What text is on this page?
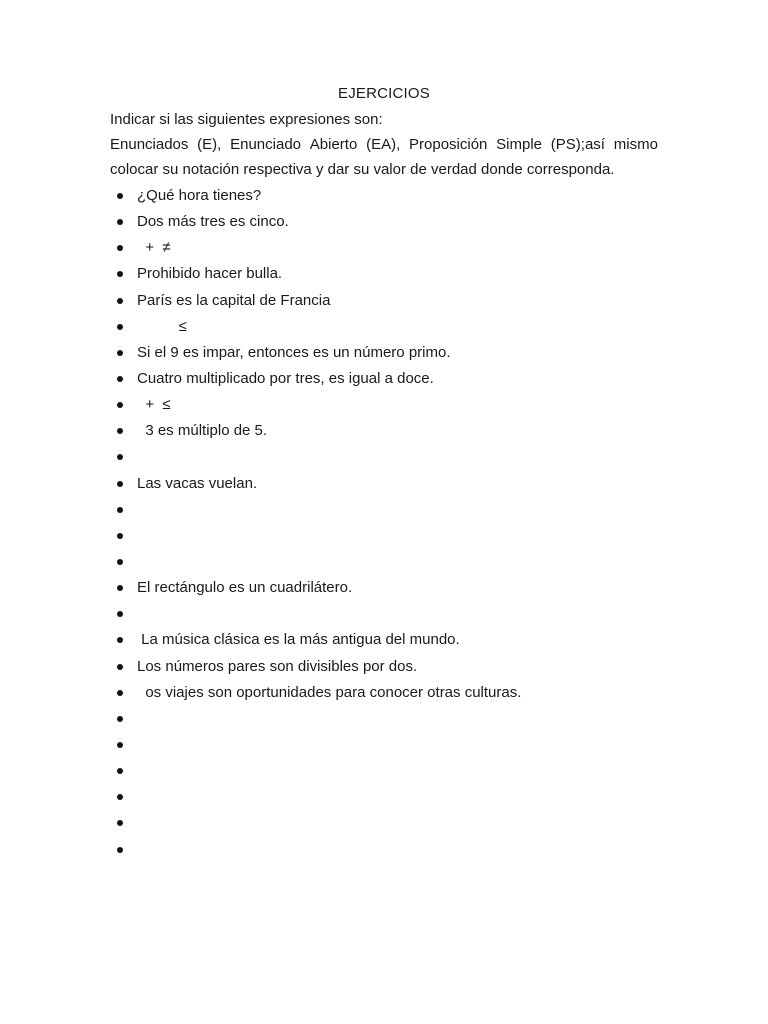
EJERCICIOS
Indicar si las siguientes expresiones son:
Enunciados (E), Enunciado Abierto (EA), Proposición Simple (PS);así mismo
colocar su notación respectiva y dar su valor de verdad donde corresponda.
¿Qué hora tienes?
Dos más tres es cinco.
+  ≠
Prohibido hacer bulla.
París es la capital de Francia
≤
Si el 9 es impar, entonces es un número primo.
Cuatro multiplicado por tres, es igual a doce.
+  ≤
3 es múltiplo de 5.
Las vacas vuelan.
El rectángulo es un cuadrilátero.
La música clásica es la más antigua del mundo.
Los números pares son divisibles por dos.
os viajes son oportunidades para conocer otras culturas.
